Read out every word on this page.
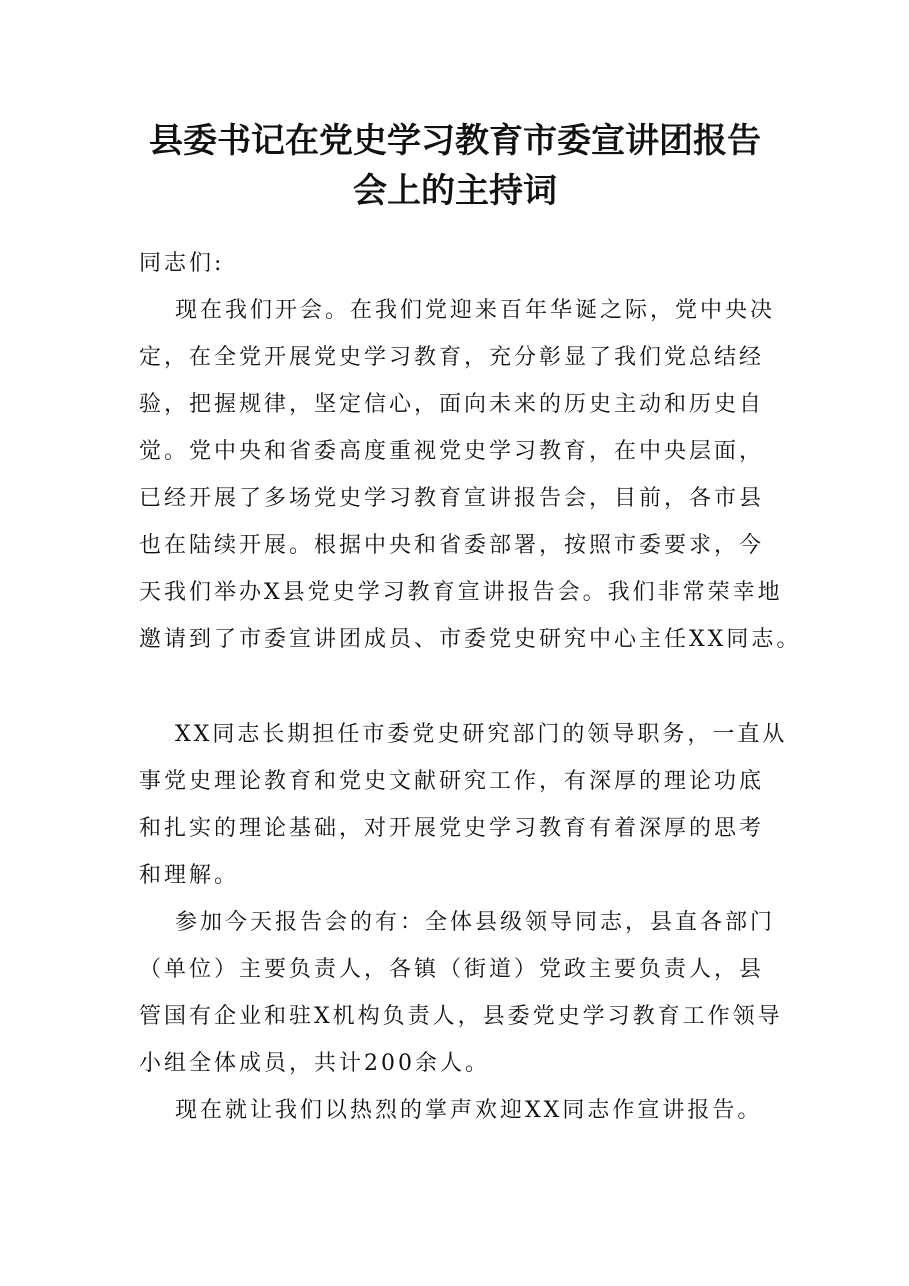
县委书记在党史学习教育市委宣讲团报告
会上的主持词
同志们:
现在我们开会。在我们党迎来百年华诞之际，党中央决
定，在全党开展党史学习教育，充分彰显了我们党总结经
验，把握规律，坚定信心，面向未来的历史主动和历史自
觉。党中央和省委高度重视党史学习教育，在中央层面，
已经开展了多场党史学习教育宣讲报告会，目前，各市县
也在陆续开展。根据中央和省委部署，按照市委要求，今
天我们举办X县党史学习教育宣讲报告会。我们非常荣幸地
邀请到了市委宣讲团成员、市委党史研究中心主任XX同志。
XX同志长期担任市委党史研究部门的领导职务，一直从
事党史理论教育和党史文献研究工作，有深厚的理论功底
和扎实的理论基础，对开展党史学习教育有着深厚的思考
和理解。
参加今天报告会的有：全体县级领导同志，县直各部门
（单位）主要负责人，各镇（街道）党政主要负责人，县
管国有企业和驻X机构负责人，县委党史学习教育工作领导
小组全体成员，共计200余人。
现在就让我们以热烈的掌声欢迎XX同志作宣讲报告。
